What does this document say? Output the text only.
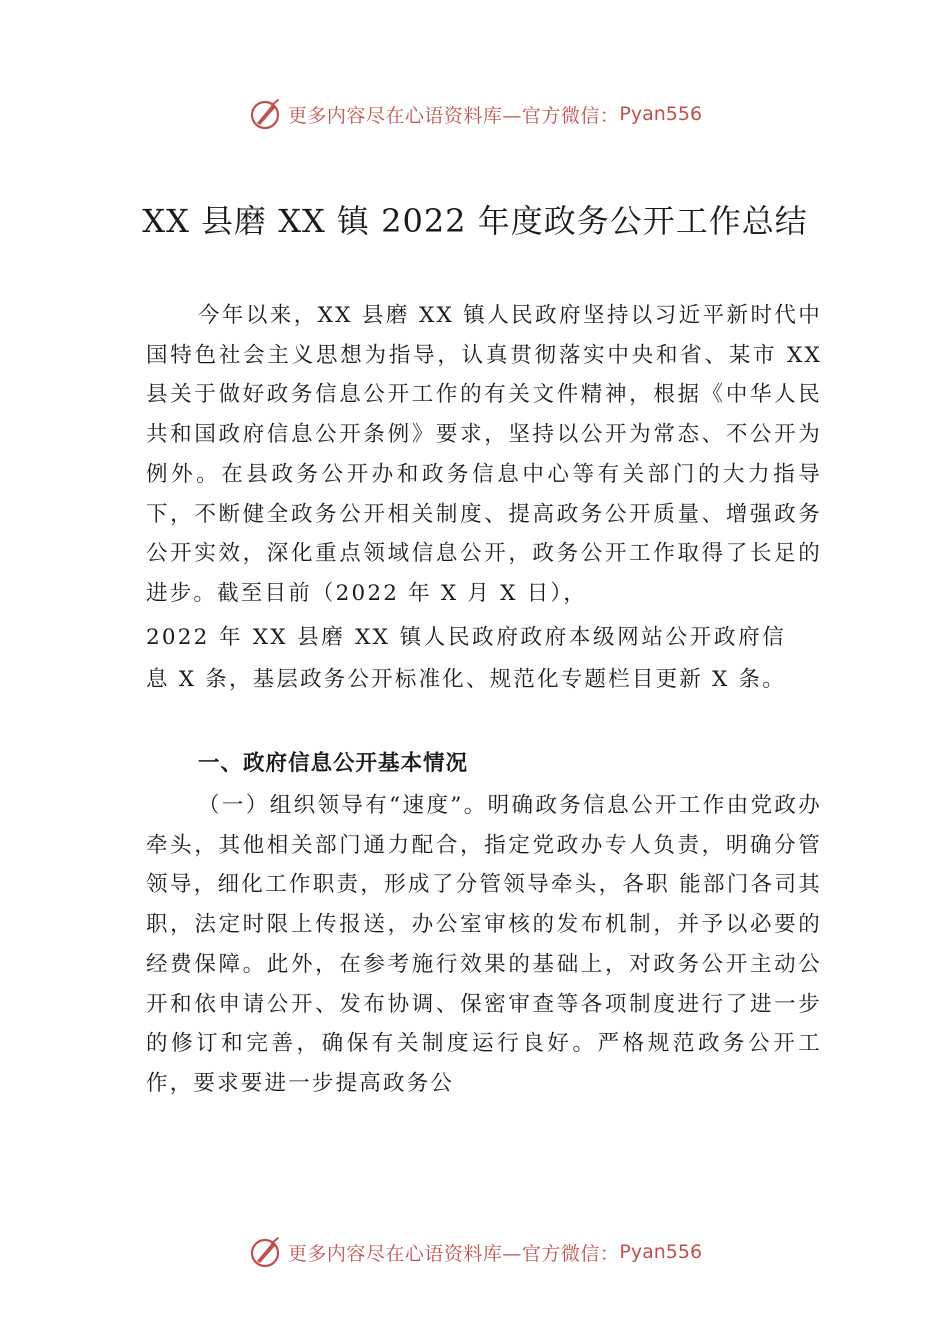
更多内容尽在心语资料库—官方微信： Pyan556
XX 县磨 XX 镇 2022 年度政务公开工作总结
今年以来，XX 县磨 XX 镇人民政府坚持以习近平新时代中国特色社会主义思想为指导，认真贯彻落实中央和省、某市 XX 县关于做好政务信息公开工作的有关文件精神，根据《中华人民共和国政府信息公开条例》要求，坚持以公开为常态、不公开为例外。在县政务公开办和政务信息中心等有关部门的大力指导下，不断健全政务公开相关制度、提高政务公开质量、增强政务公开实效，深化重点领域信息公开，政务公开工作取得了长足的进步。截至目前（2022 年 X 月 X 日），
2022 年 XX 县磨 XX 镇人民政府政府本级网站公开政府信息 X 条，基层政务公开标准化、规范化专题栏目更新 X 条。
一、政府信息公开基本情况
（一）组织领导有“速度”。明确政务信息公开工作由党政办牵头，其他相关部门通力配合，指定党政办专人负责，明确分管领导，细化工作职责，形成了分管领导牵头，各职 能部门各司其职，法定时限上传报送，办公室审核的发布机制，并予以必要的经费保障。此外，在参考施行效果的基础上，对政务公开主动公开和依申请公开、发布协调、保密审查等各项制度进行了进一步的修订和完善，确保有关制度运行良好。严格规范政务公开工作，要求要进一步提高政务公
更多内容尽在心语资料库—官方微信： Pyan556
